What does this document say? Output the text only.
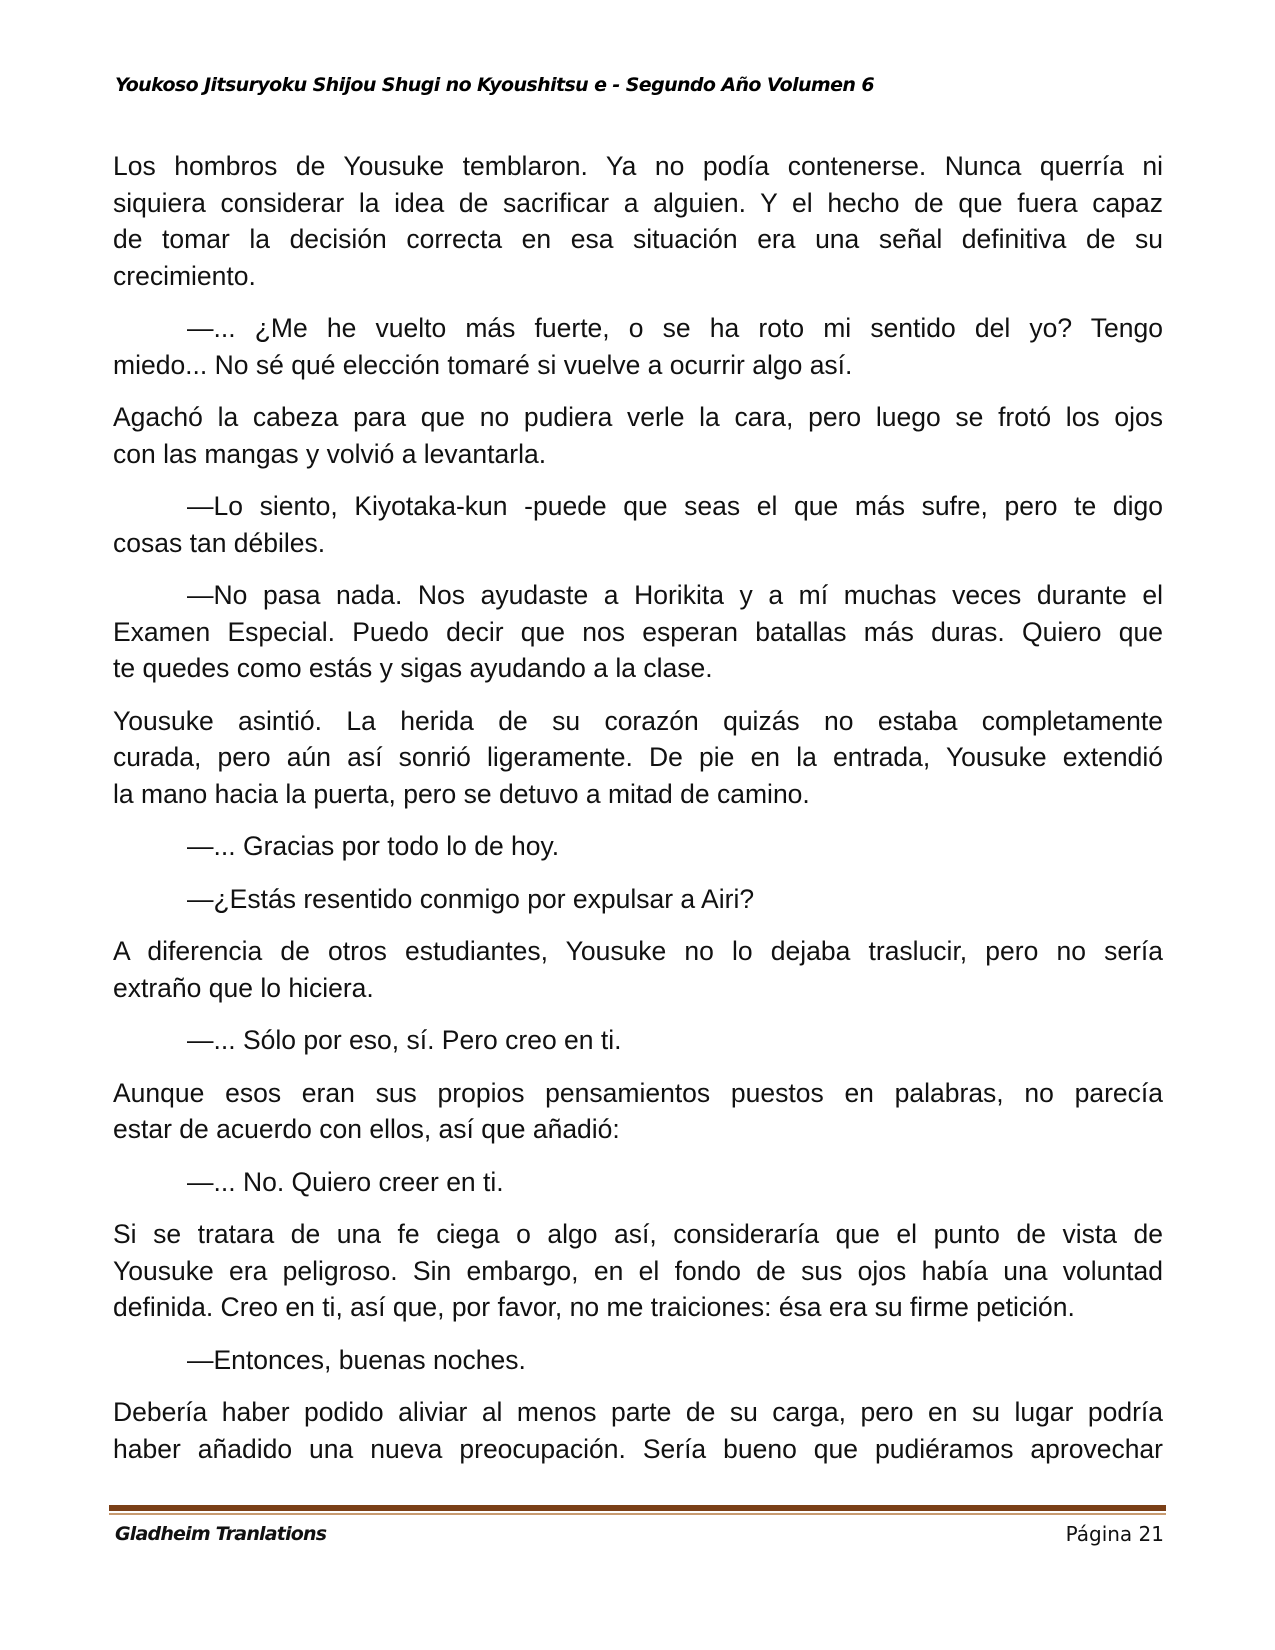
Youkoso Jitsuryoku Shijou Shugi no Kyoushitsu e - Segundo Año Volumen 6
Los hombros de Yousuke temblaron. Ya no podía contenerse. Nunca querría ni
siquiera considerar la idea de sacrificar a alguien. Y el hecho de que fuera capaz
de tomar la decisión correcta en esa situación era una señal definitiva de su
crecimiento.
—... ¿Me he vuelto más fuerte, o se ha roto mi sentido del yo? Tengo
miedo... No sé qué elección tomaré si vuelve a ocurrir algo así.
Agachó la cabeza para que no pudiera verle la cara, pero luego se frotó los ojos
con las mangas y volvió a levantarla.
—Lo siento, Kiyotaka-kun -puede que seas el que más sufre, pero te digo
cosas tan débiles.
—No pasa nada. Nos ayudaste a Horikita y a mí muchas veces durante el
Examen Especial. Puedo decir que nos esperan batallas más duras. Quiero que
te quedes como estás y sigas ayudando a la clase.
Yousuke asintió. La herida de su corazón quizás no estaba completamente
curada, pero aún así sonrió ligeramente. De pie en la entrada, Yousuke extendió
la mano hacia la puerta, pero se detuvo a mitad de camino.
—... Gracias por todo lo de hoy.
—¿Estás resentido conmigo por expulsar a Airi?
A diferencia de otros estudiantes, Yousuke no lo dejaba traslucir, pero no sería
extraño que lo hiciera.
—... Sólo por eso, sí. Pero creo en ti.
Aunque esos eran sus propios pensamientos puestos en palabras, no parecía
estar de acuerdo con ellos, así que añadió:
—... No. Quiero creer en ti.
Si se tratara de una fe ciega o algo así, consideraría que el punto de vista de
Yousuke era peligroso. Sin embargo, en el fondo de sus ojos había una voluntad
definida. Creo en ti, así que, por favor, no me traiciones: ésa era su firme petición.
—Entonces, buenas noches.
Debería haber podido aliviar al menos parte de su carga, pero en su lugar podría
haber añadido una nueva preocupación. Sería bueno que pudiéramos aprovechar
Gladheim Tranlations	Página 21
